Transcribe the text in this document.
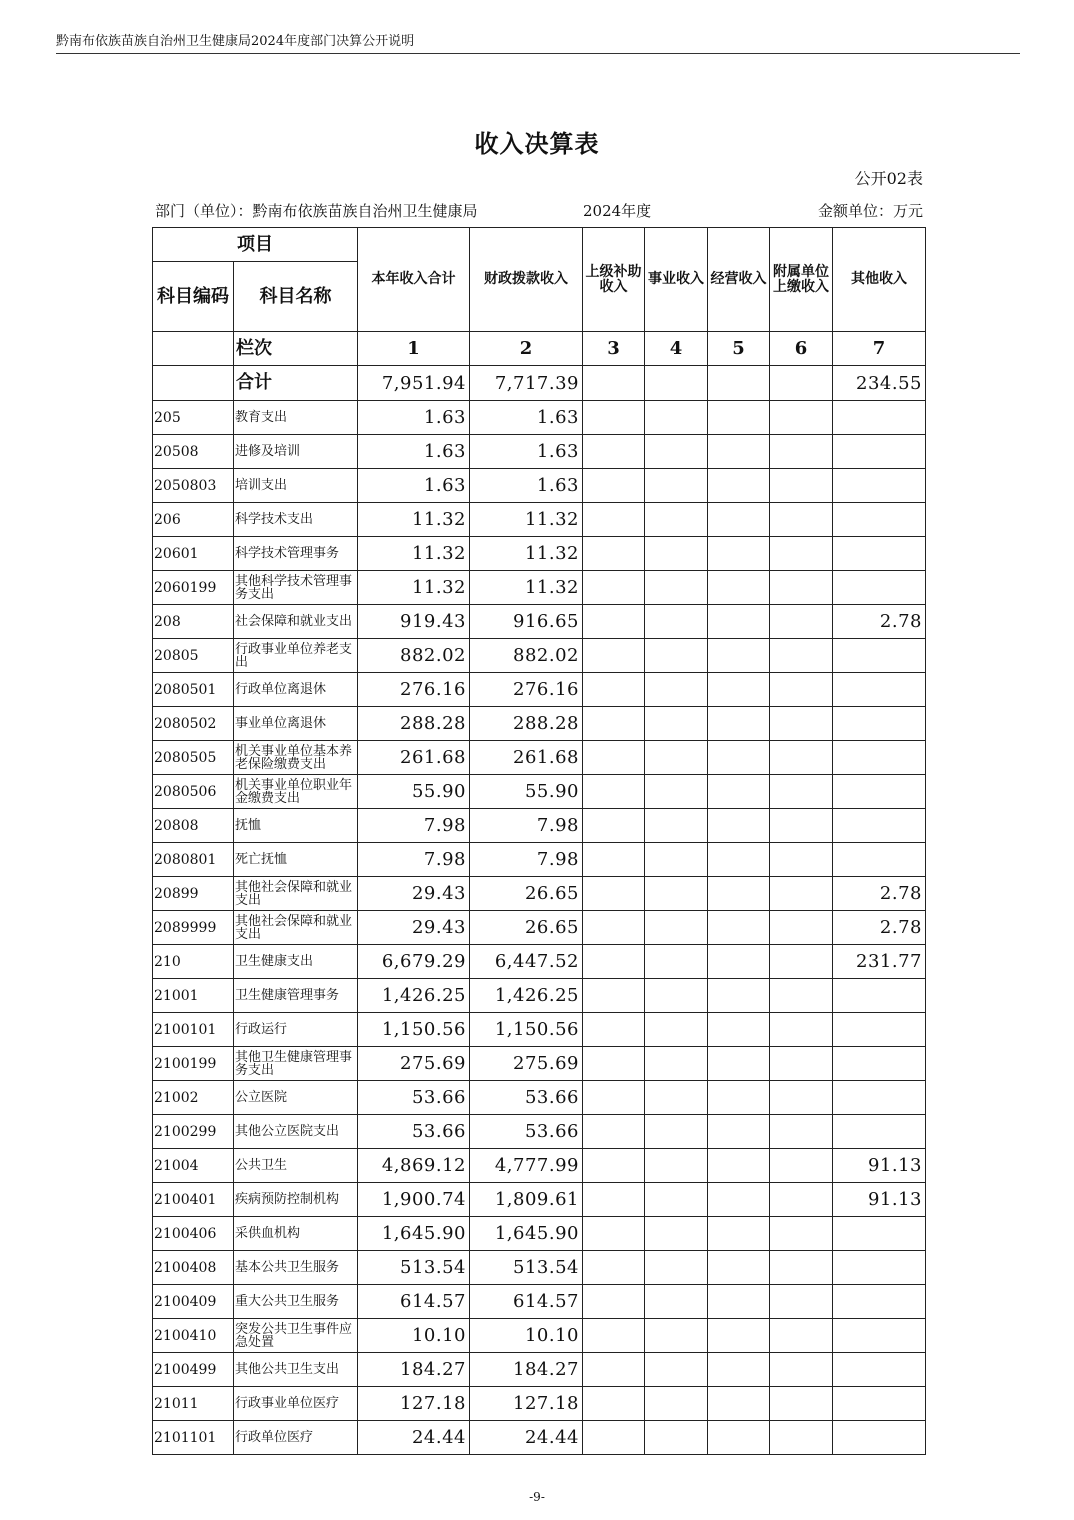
黔南布依族苗族自治州卫生健康局2024年度部门决算公开说明
收入决算表
公开02表
部门（单位）：黔南布依族苗族自治州卫生健康局	2024年度	金额单位：万元
项目		本年收入合计	财政拨款收入	上级补助收入	事业收入	经营收入	附属单位上缴收入	其他收入
科目编码	科目名称							
	栏次	1	2	3	4	5	6	7
	合计	7,951.94	7,717.39					234.55
205	教育支出	1.63	1.63					
20508	进修及培训	1.63	1.63					
2050803	培训支出	1.63	1.63					
206	科学技术支出	11.32	11.32					
20601	科学技术管理事务	11.32	11.32					
2060199	其他科学技术管理事务支出	11.32	11.32					
208	社会保障和就业支出	919.43	916.65					2.78
20805	行政事业单位养老支出	882.02	882.02					
2080501	行政单位离退休	276.16	276.16					
2080502	事业单位离退休	288.28	288.28					
2080505	机关事业单位基本养老保险缴费支出	261.68	261.68					
2080506	机关事业单位职业年金缴费支出	55.90	55.90					
20808	抚恤	7.98	7.98					
2080801	死亡抚恤	7.98	7.98					
20899	其他社会保障和就业支出	29.43	26.65					2.78
2089999	其他社会保障和就业支出	29.43	26.65					2.78
210	卫生健康支出	6,679.29	6,447.52					231.77
21001	卫生健康管理事务	1,426.25	1,426.25					
2100101	行政运行	1,150.56	1,150.56					
2100199	其他卫生健康管理事务支出	275.69	275.69					
21002	公立医院	53.66	53.66					
2100299	其他公立医院支出	53.66	53.66					
21004	公共卫生	4,869.12	4,777.99					91.13
2100401	疾病预防控制机构	1,900.74	1,809.61					91.13
2100406	采供血机构	1,645.90	1,645.90					
2100408	基本公共卫生服务	513.54	513.54					
2100409	重大公共卫生服务	614.57	614.57					
2100410	突发公共卫生事件应急处置	10.10	10.10					
2100499	其他公共卫生支出	184.27	184.27					
21011	行政事业单位医疗	127.18	127.18					
2101101	行政单位医疗	24.44	24.44					
-9-
